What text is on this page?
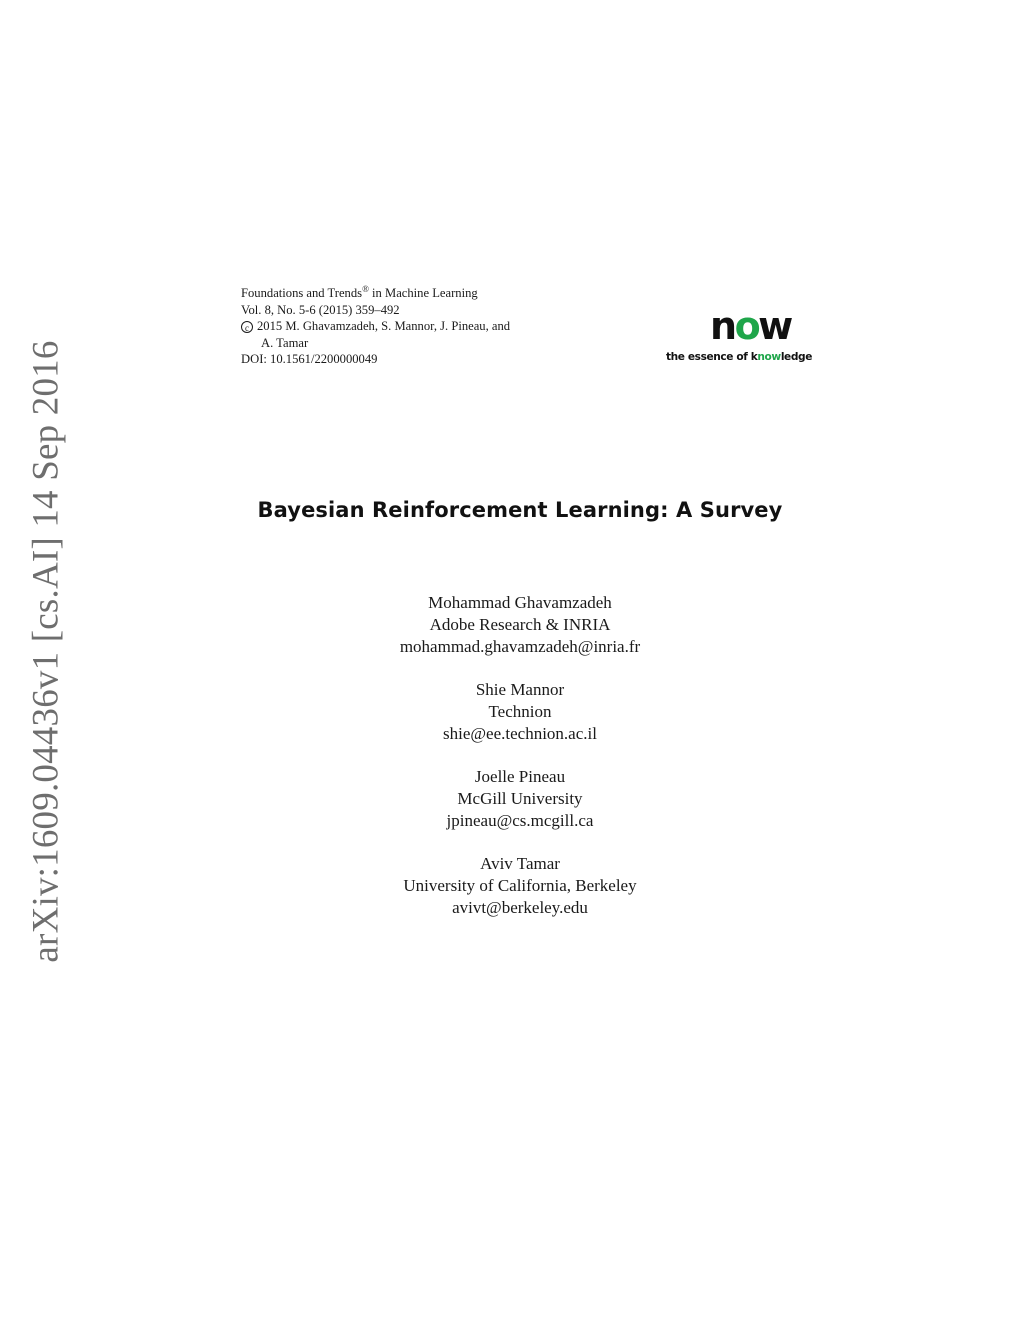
arXiv:1609.04436v1 [cs.AI] 14 Sep 2016
Foundations and Trends® in Machine Learning
Vol. 8, No. 5-6 (2015) 359–492
c 2015 M. Ghavamzadeh, S. Mannor, J. Pineau, and
A. Tamar
DOI: 10.1561/2200000049
now
the essence of knowledge
Bayesian Reinforcement Learning: A Survey
Mohammad Ghavamzadeh
Adobe Research & INRIA
mohammad.ghavamzadeh@inria.fr
Shie Mannor
Technion
shie@ee.technion.ac.il
Joelle Pineau
McGill University
jpineau@cs.mcgill.ca
Aviv Tamar
University of California, Berkeley
avivt@berkeley.edu
